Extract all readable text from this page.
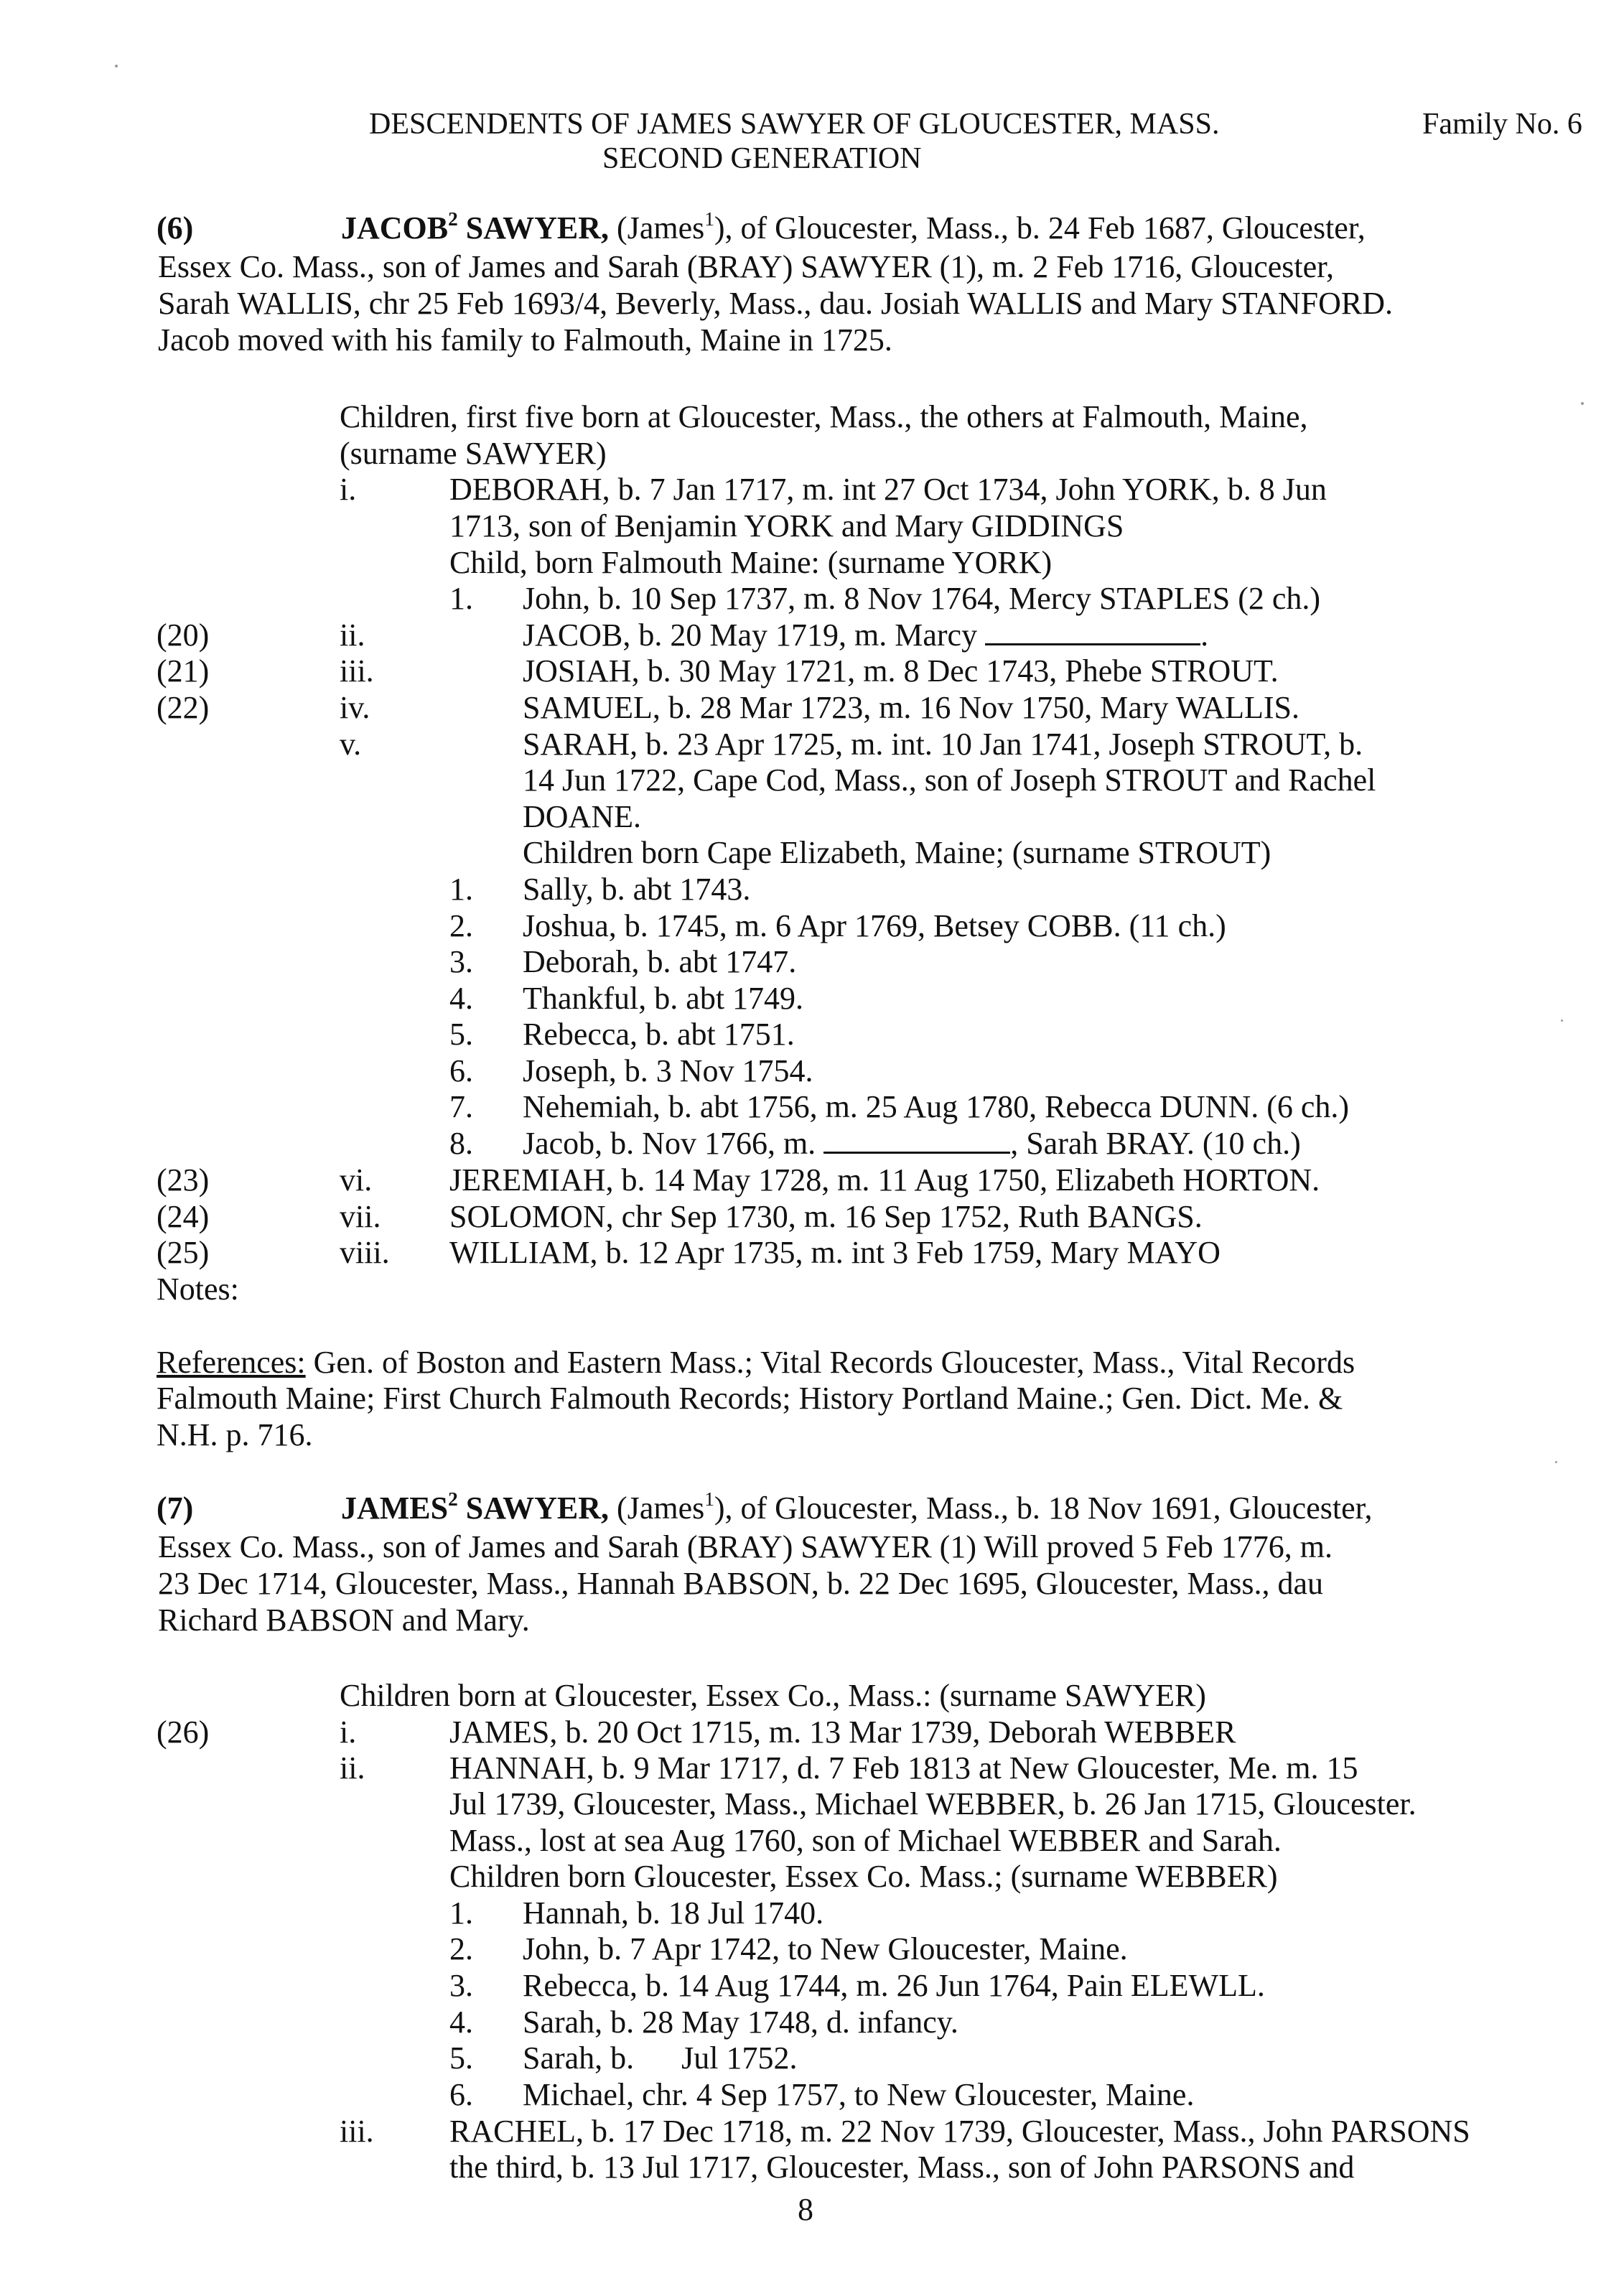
DESCENDENTS OF JAMES SAWYER OF GLOUCESTER, MASS.	Family No. 6
SECOND GENERATION
(6)	JACOB$^2$ SAWYER, (James$^1$), of Gloucester, Mass., b. 24 Feb 1687, Gloucester,
Essex Co. Mass., son of James and Sarah (BRAY) SAWYER (1), m. 2 Feb 1716, Gloucester,
Sarah WALLIS, chr 25 Feb 1693/4, Beverly, Mass., dau. Josiah WALLIS and Mary STANFORD.
Jacob moved with his family to Falmouth, Maine in 1725.
Children, first five born at Gloucester, Mass., the others at Falmouth, Maine,
(surname SAWYER)
i.	DEBORAH, b. 7 Jan 1717, m. int 27 Oct 1734, John YORK, b. 8 Jun
1713, son of Benjamin YORK and Mary GIDDINGS
Child, born Falmouth Maine: (surname YORK)
1. John, b. 10 Sep 1737, m. 8 Nov 1764, Mercy STAPLES (2 ch.)
(20)	ii.	JACOB, b. 20 May 1719, m. Marcy	.
(21)	iii.	JOSIAH, b. 30 May 1721, m. 8 Dec 1743, Phebe STROUT.
(22)	iv.	SAMUEL, b. 28 Mar 1723, m. 16 Nov 1750, Mary WALLIS.
v.	SARAH, b. 23 Apr 1725, m. int. 10 Jan 1741, Joseph STROUT, b.
14 Jun 1722, Cape Cod, Mass., son of Joseph STROUT and Rachel
DOANE.
Children born Cape Elizabeth, Maine; (surname STROUT)
1. Sally, b. abt 1743.
2. Joshua, b. 1745, m. 6 Apr 1769, Betsey COBB. (11 ch.)
3. Deborah, b. abt 1747.
4. Thankful, b. abt 1749.
5. Rebecca, b. abt 1751.
6. Joseph, b. 3 Nov 1754.
7. Nehemiah, b. abt 1756, m. 25 Aug 1780, Rebecca DUNN. (6 ch.)
8. Jacob, b. Nov 1766, m.	, Sarah BRAY. (10 ch.)
(23)	vi. JEREMIAH, b. 14 May 1728, m. 11 Aug 1750, Elizabeth HORTON.
(24)	vii. SOLOMON, chr Sep 1730, m. 16 Sep 1752, Ruth BANGS.
(25)	viii. WILLIAM, b. 12 Apr 1735, m. int 3 Feb 1759, Mary MAYO
Notes:
References: Gen. of Boston and Eastern Mass.; Vital Records Gloucester, Mass., Vital Records
Falmouth Maine; First Church Falmouth Records; History Portland Maine.; Gen. Dict. Me. &
N.H. p. 716.
(7)	JAMES$^2$ SAWYER, (James$^1$), of Gloucester, Mass., b. 18 Nov 1691, Gloucester,
Essex Co. Mass., son of James and Sarah (BRAY) SAWYER (1) Will proved 5 Feb 1776, m.
23 Dec 1714, Gloucester, Mass., Hannah BABSON, b. 22 Dec 1695, Gloucester, Mass., dau
Richard BABSON and Mary.
Children born at Gloucester, Essex Co., Mass.: (surname SAWYER)
(26)	i.	JAMES, b. 20 Oct 1715, m. 13 Mar 1739, Deborah WEBBER
ii.	HANNAH, b. 9 Mar 1717, d. 7 Feb 1813 at New Gloucester, Me. m. 15
Jul 1739, Gloucester, Mass., Michael WEBBER, b. 26 Jan 1715, Gloucester.
Mass., lost at sea Aug 1760, son of Michael WEBBER and Sarah.
Children born Gloucester, Essex Co. Mass.; (surname WEBBER)
1. Hannah, b. 18 Jul 1740.
2. John, b. 7 Apr 1742, to New Gloucester, Maine.
3. Rebecca, b. 14 Aug 1744, m. 26 Jun 1764, Pain ELEWLL.
4. Sarah, b. 28 May 1748, d. infancy.
5. Sarah, b.      Jul 1752.
6. Michael, chr. 4 Sep 1757, to New Gloucester, Maine.
iii. RACHEL, b. 17 Dec 1718, m. 22 Nov 1739, Gloucester, Mass., John PARSONS
the third, b. 13 Jul 1717, Gloucester, Mass., son of John PARSONS and
8
